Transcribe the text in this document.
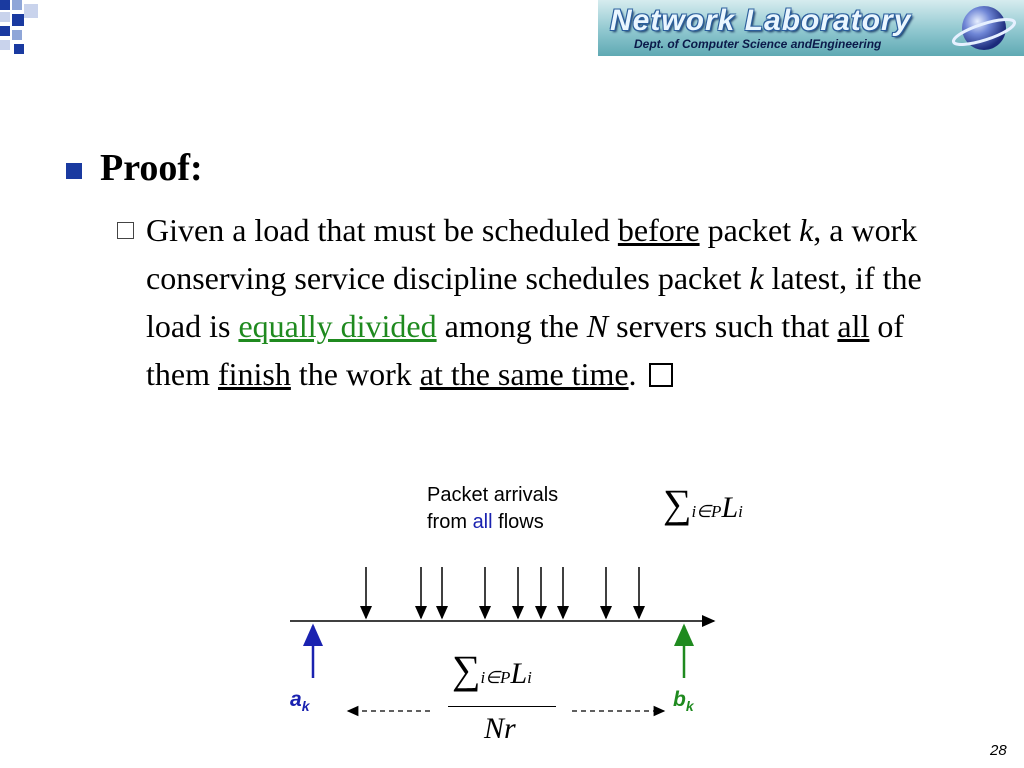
Network Laboratory
Dept. of Computer Science andEngineering
Proof:
Given a load that must be scheduled before packet k, a work conserving service discipline schedules packet k latest, if the load is equally divided among the N servers such that all of them finish the work at the same time.
Packet arrivals
from all flows
$a_k$	$b_k$
∑i∈PLi
∑i∈PLi
Nr
28
